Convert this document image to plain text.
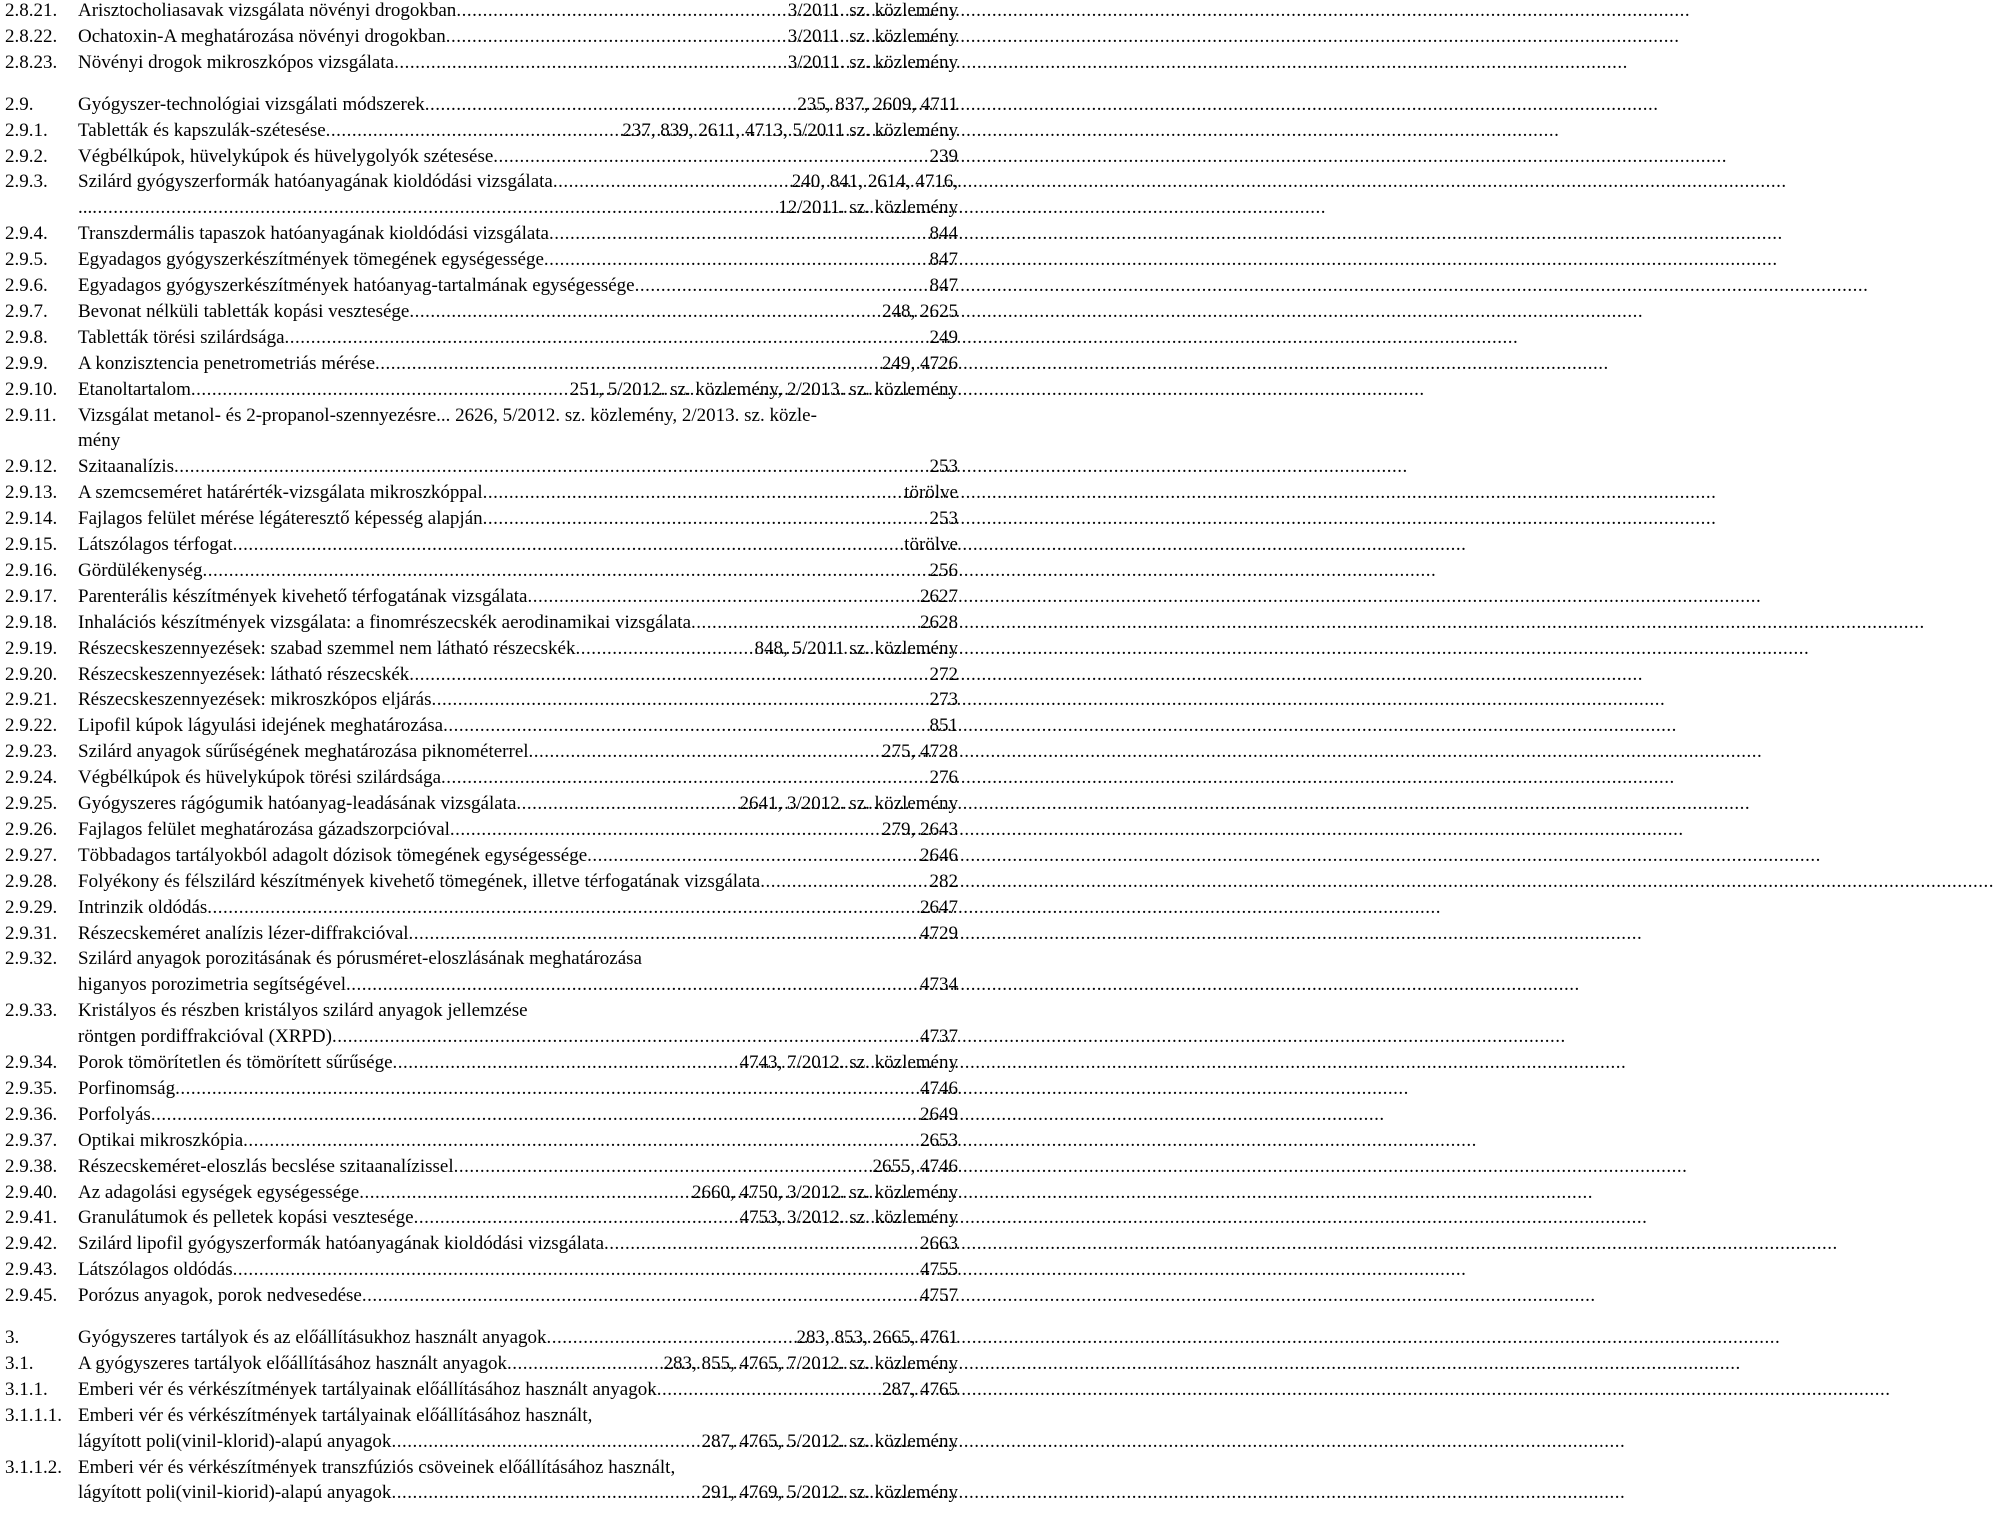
2.8.21. Arisztocholiasavak vizsgálata növényi drogokban .....	3/2011. sz. közlemény
2.8.22. Ochatoxin-A meghatározása növényi drogokban .....	3/2011. sz. közlemény
2.8.23. Növényi drogok mikroszkópos vizsgálata .....	3/2011. sz. közlemény
2.9. Gyógyszer-technológiai vizsgálati módszerek .....	235, 837, 2609, 4711
2.9.1. Tabletták és kapszulák-szétesése .....	237, 839, 2611, 4713, 5/2011 sz. közlemény
2.9.2. Végbélkúpok, hüvelykúpok és hüvelygolyók szétesése .....	239
2.9.3. Szilárd gyógyszerformák hatóanyagának kioldódási vizsgálata .....	240, 841, 2614, 4716,
... .....	12/2011. sz. közlemény
2.9.4. Transzdermális tapaszok hatóanyagának kioldódási vizsgálata .....	844
2.9.5. Egyadagos gyógyszerkészítmények tömegének egységessége .....	847
2.9.6. Egyadagos gyógyszerkészítmények hatóanyag-tartalmának egységessége .....	847
2.9.7. Bevonat nélküli tabletták kopási vesztesége .....	248, 2625
2.9.8. Tabletták törési szilárdsága .....	249
2.9.9. A konzisztencia penetrometriás mérése .....	249, 4726
2.9.10. Etanoltartalom .....	251, 5/2012. sz. közlemény, 2/2013. sz. közlemény
2.9.11. Vizsgálat metanol- és 2-propanol-szennyezésre... 2626, 5/2012. sz. közlemény, 2/2013. sz. közle-
mény
2.9.12. Szitaanalízis .....	253
2.9.13. A szemcseméret határérték-vizsgálata mikroszkóppal .....	törölve
2.9.14. Fajlagos felület mérése légáteresztő képesség alapján .....	253
2.9.15. Látszólagos térfogat .....	törölve
2.9.16. Gördülékenység .....	256
2.9.17. Parenterális készítmények kivehető térfogatának vizsgálata .....	2627
2.9.18. Inhalációs készítmények vizsgálata: a finomrészecskék aerodinamikai vizsgálata .....	2628
2.9.19. Részecskeszennyezések: szabad szemmel nem látható részecskék .....	848, 5/2011 sz. közlemény
2.9.20. Részecskeszennyezések: látható részecskék .....	272
2.9.21. Részecskeszennyezések: mikroszkópos eljárás .....	273
2.9.22. Lipofil kúpok lágyulási idejének meghatározása .....	851
2.9.23. Szilárd anyagok sűrűségének meghatározása piknométerrel .....	275, 4728
2.9.24. Végbélkúpok és hüvelykúpok törési szilárdsága .....	276
2.9.25. Gyógyszeres rágógumik hatóanyag-leadásának vizsgálata .....	2641, 3/2012. sz. közlemény
2.9.26. Fajlagos felület meghatározása gázadszorpcióval .....	279, 2643
2.9.27. Többadagos tartályokból adagolt dózisok tömegének egységessége .....	2646
2.9.28. Folyékony és félszilárd készítmények kivehető tömegének, illetve térfogatának vizsgálata .....	282
2.9.29. Intrinzik oldódás .....	2647
2.9.31. Részecskeméret analízis lézer-diffrakcióval .....	4729
2.9.32. Szilárd anyagok porozitásának és pórusméret-eloszlásának meghatározása
higanyos porozimetria segítségével .....	4734
2.9.33. Kristályos és részben kristályos szilárd anyagok jellemzése
röntgen pordiffrakcióval (XRPD) .....	4737
2.9.34. Porok tömörítetlen és tömörített sűrűsége .....	4743, 7/2012. sz. közlemény
2.9.35. Porfinomság .....	4746
2.9.36. Porfolyás .....	2649
2.9.37. Optikai mikroszkópia .....	2653
2.9.38. Részecskeméret-eloszlás becslése szitaanalízissel .....	2655, 4746
2.9.40. Az adagolási egységek egységessége .....	2660, 4750, 3/2012. sz. közlemény
2.9.41. Granulátumok és pelletek kopási vesztesége .....	4753, 3/2012. sz. közlemény
2.9.42. Szilárd lipofil gyógyszerformák hatóanyagának kioldódási vizsgálata .....	2663
2.9.43. Látszólagos oldódás .....	4755
2.9.45. Porózus anyagok, porok nedvesedése .....	4757
3.	Gyógyszeres tartályok és az előállításukhoz használt anyagok .....	283, 853, 2665, 4761
3.1. A gyógyszeres tartályok előállításához használt anyagok .....	283, 855, 4765, 7/2012. sz. közlemény
3.1.1. Emberi vér és vérkészítmények tartályainak előállításához használt anyagok .....	287, 4765
3.1.1.1. Emberi vér és vérkészítmények tartályainak előállításához használt,
lágyított poli(vinil-klorid)-alapú anyagok .....	287, 4765, 5/2012. sz. közlemény
3.1.1.2. Emberi vér és vérkészítmények transzfúziós csöveinek előállításához használt,
lágyított poli(vinil-kiorid)-alapú anyagok .....	291, 4769, 5/2012. sz. közlemény
